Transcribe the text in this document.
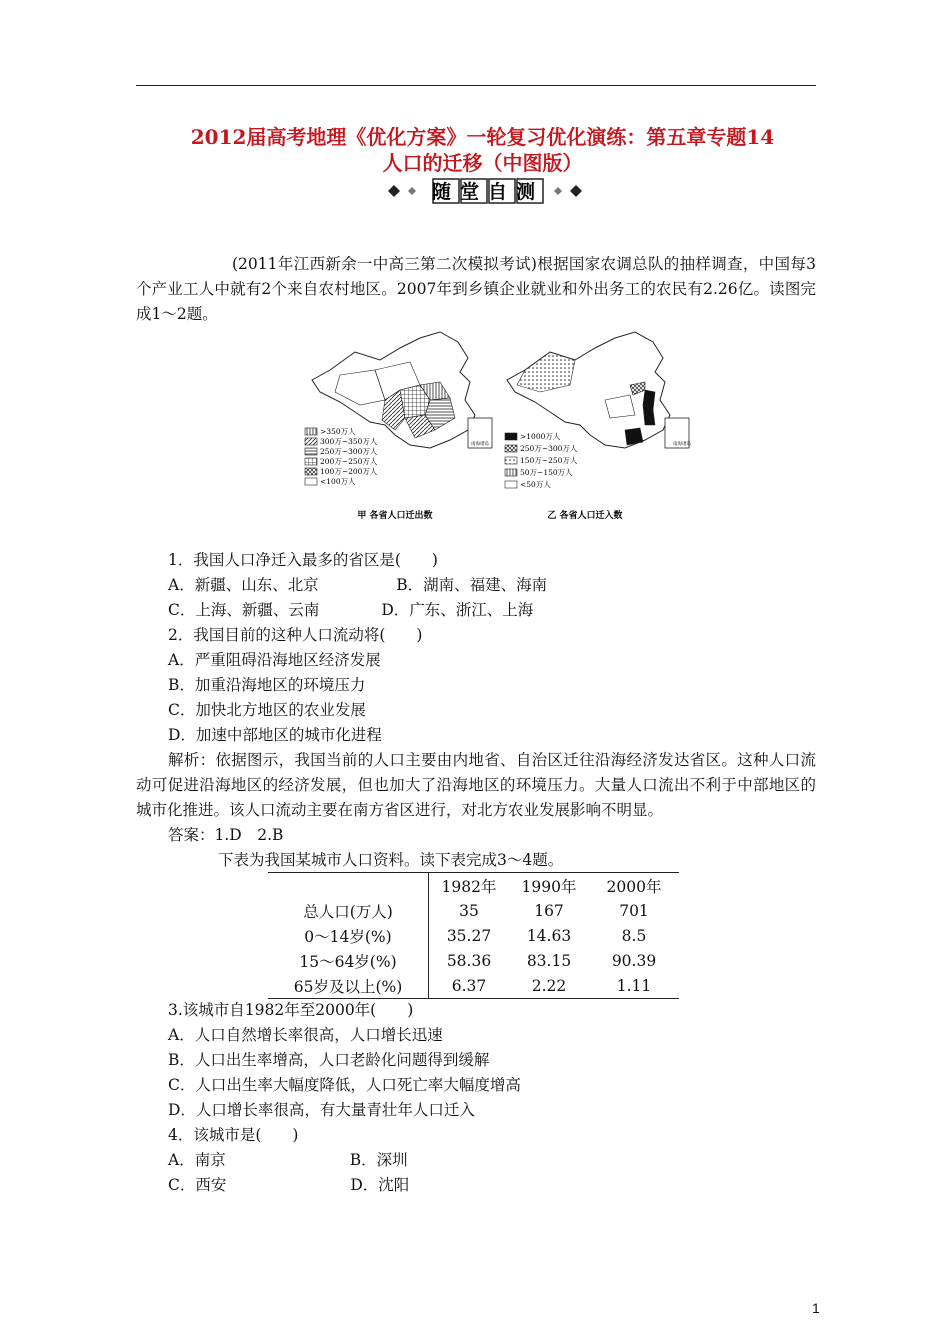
2012届高考地理《优化方案》一轮复习优化演练：第五章专题14
人口的迁移（中图版）
随堂自测
(2011年江西新余一中高三第二次模拟考试)根据国家农调总队的抽样调查，中国每3个产业工人中就有2个来自农村地区。2007年到乡镇企业就业和外出务工的农民有2.26亿。读图完成1～2题。
>350万人
300万~350万人
250万~300万人
200万~250万人
100万~200万人
<100万人
南海诸岛
甲 各省人口迁出数
>1000万人
250万~300万人
150万~250万人
50万~150万人
<50万人
南海诸岛
乙 各省人口迁入数
1．我国人口净迁入最多的省区是(　　)
A．新疆、山东、北京　　　　　B．湖南、福建、海南
C．上海、新疆、云南　　　　D．广东、浙江、上海
2．我国目前的这种人口流动将(　　)
A．严重阻碍沿海地区经济发展
B．加重沿海地区的环境压力
C．加快北方地区的农业发展
D．加速中部地区的城市化进程
解析：依据图示，我国当前的人口主要由内地省、自治区迁往沿海经济发达省区。这种人口流动可促进沿海地区的经济发展，但也加大了沿海地区的环境压力。大量人口流出不利于中部地区的城市化推进。该人口流动主要在南方省区进行，对北方农业发展影响不明显。
答案：1.D　2.B
下表为我国某城市人口资料。读下表完成3～4题。
	1982年	1990年	2000年
总人口(万人)	35	167	701
0～14岁(%)	35.27	14.63	8.5
15～64岁(%)	58.36	83.15	90.39
65岁及以上(%)	6.37	2.22	1.11
3.该城市自1982年至2000年(　　)
A．人口自然增长率很高，人口增长迅速
B．人口出生率增高，人口老龄化问题得到缓解
C．人口出生率大幅度降低，人口死亡率大幅度增高
D．人口增长率很高，有大量青壮年人口迁入
4．该城市是(　　)
A．南京　　　　　　　　B．深圳
C．西安　　　　　　　　D．沈阳
1
